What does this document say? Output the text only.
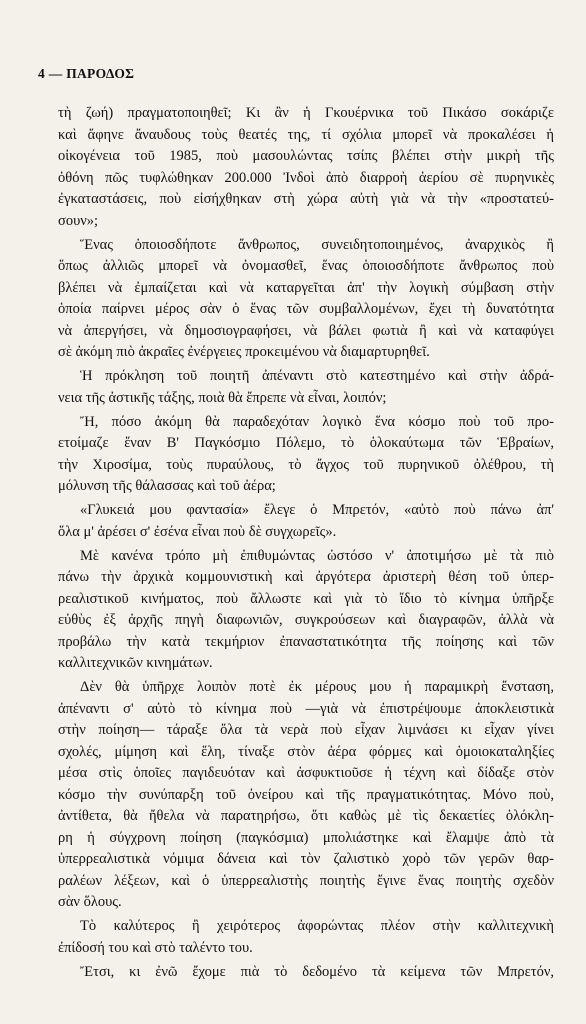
4 — ΠΑΡΟΔΟΣ
τὴ ζωή) πραγματοποιηθεῖ; Κι ἂν ἡ Γκουέρνικα τοῦ Πικάσο σοκάριζε
καὶ ἄφηνε ἄναυδους τοὺς θεατές της, τί σχόλια μπορεῖ νὰ προκαλέσει ἡ
οἰκογένεια τοῦ 1985, ποὺ μασουλώντας τσίπς βλέπει στὴν μικρὴ τῆς
ὀθόνη πῶς τυφλώθηκαν 200.000 Ἰνδοὶ ἀπὸ διαρροὴ ἀερίου σὲ πυρηνικὲς
ἐγκαταστάσεις, ποὺ εἰσήχθηκαν στὴ χώρα αὐτὴ γιὰ νὰ τὴν «προστατεύ-
σουν»;
Ἕνας ὁποιοσδήποτε ἄνθρωπος, συνειδητοποιημένος, ἀναρχικὸς ἢ
ὅπως ἀλλιῶς μπορεῖ νὰ ὀνομασθεῖ, ἕνας ὁποιοσδήποτε ἄνθρωπος ποὺ
βλέπει νὰ ἐμπαίζεται καὶ νὰ καταργεῖται ἀπ' τὴν λογικὴ σύμβαση στὴν
ὁποία παίρνει μέρος σὰν ὁ ἕνας τῶν συμβαλλομένων, ἔχει τὴ δυνατότητα
νὰ ἀπεργήσει, νὰ δημοσιογραφήσει, νὰ βάλει φωτιὰ ἢ καὶ νὰ καταφύγει
σὲ ἀκόμη πιὸ ἀκραῖες ἐνέργειες προκειμένου νὰ διαμαρτυρηθεῖ.
Ἡ πρόκληση τοῦ ποιητῆ ἀπέναντι στὸ κατεστημένο καὶ στὴν ἀδρά-
νεια τῆς ἀστικῆς τάξης, ποιὰ θὰ ἔπρεπε νὰ εἶναι, λοιπόν;
Ἤ, πόσο ἀκόμη θὰ παραδεχόταν λογικὸ ἕνα κόσμο ποὺ τοῦ προ-
ετοίμαζε ἕναν Β' Παγκόσμιο Πόλεμο, τὸ ὁλοκαύτωμα τῶν Ἑβραίων,
τὴν Χιροσίμα, τοὺς πυραύλους, τὸ ἄγχος τοῦ πυρηνικοῦ ὀλέθρου, τὴ
μόλυνση τῆς θάλασσας καὶ τοῦ ἀέρα;
«Γλυκειά μου φαντασία» ἔλεγε ὁ Μπρετόν, «αὐτὸ ποὺ πάνω ἀπ'
ὅλα μ' ἀρέσει σ' ἐσένα εἶναι ποὺ δὲ συγχωρεῖς».
Μὲ κανένα τρόπο μὴ ἐπιθυμώντας ὡστόσο ν' ἀποτιμήσω μὲ τὰ πιὸ
πάνω τὴν ἀρχικὰ κομμουνιστικὴ καὶ ἀργότερα ἀριστερὴ θέση τοῦ ὑπερ-
ρεαλιστικοῦ κινήματος, ποὺ ἄλλωστε καὶ γιὰ τὸ ἴδιο τὸ κίνημα ὑπῆρξε
εὐθὺς ἐξ ἀρχῆς πηγὴ διαφωνιῶν, συγκρούσεων καὶ διαγραφῶν, ἀλλὰ νὰ
προβάλω τὴν κατὰ τεκμήριον ἐπαναστατικότητα τῆς ποίησης καὶ τῶν
καλλιτεχνικῶν κινημάτων.
Δὲν θὰ ὑπῆρχε λοιπὸν ποτὲ ἐκ μέρους μου ἡ παραμικρὴ ἔνσταση,
ἀπέναντι σ' αὐτὸ τὸ κίνημα ποὺ —γιὰ νὰ ἐπιστρέψουμε ἀποκλειστικὰ
στὴν ποίηση— τάραξε ὅλα τὰ νερὰ ποὺ εἶχαν λιμνάσει κι εἶχαν γίνει
σχολές, μίμηση καὶ ἕλη, τίναξε στὸν ἀέρα φόρμες καὶ ὁμοιοκαταληξίες
μέσα στὶς ὁποῖες παγιδευόταν καὶ ἀσφυκτιοῦσε ἡ τέχνη καὶ δίδαξε στὸν
κόσμο τὴν συνύπαρξη τοῦ ὀνείρου καὶ τῆς πραγματικότητας. Μόνο ποὺ,
ἀντίθετα, θὰ ἤθελα νὰ παρατηρήσω, ὅτι καθὼς μὲ τὶς δεκαετίες ὁλόκλη-
ρη ἡ σύγχρονη ποίηση (παγκόσμια) μπολιάστηκε καὶ ἔλαμψε ἀπὸ τὰ
ὑπερρεαλιστικὰ νόμιμα δάνεια καὶ τὸν ζαλιστικὸ χορὸ τῶν γερῶν θαρ-
ραλέων λέξεων, καὶ ὁ ὑπερρεαλιστὴς ποιητὴς ἔγινε ἕνας ποιητὴς σχεδὸν
σὰν ὅλους.
Τὸ καλύτερος ἢ χειρότερος ἀφορώντας πλέον στὴν καλλιτεχνικὴ
ἐπίδοσή του καὶ στὸ ταλέντο του.
Ἔτσι, κι ἐνῶ ἔχομε πιὰ τὸ δεδομένο τὰ κείμενα τῶν Μπρετόν,
